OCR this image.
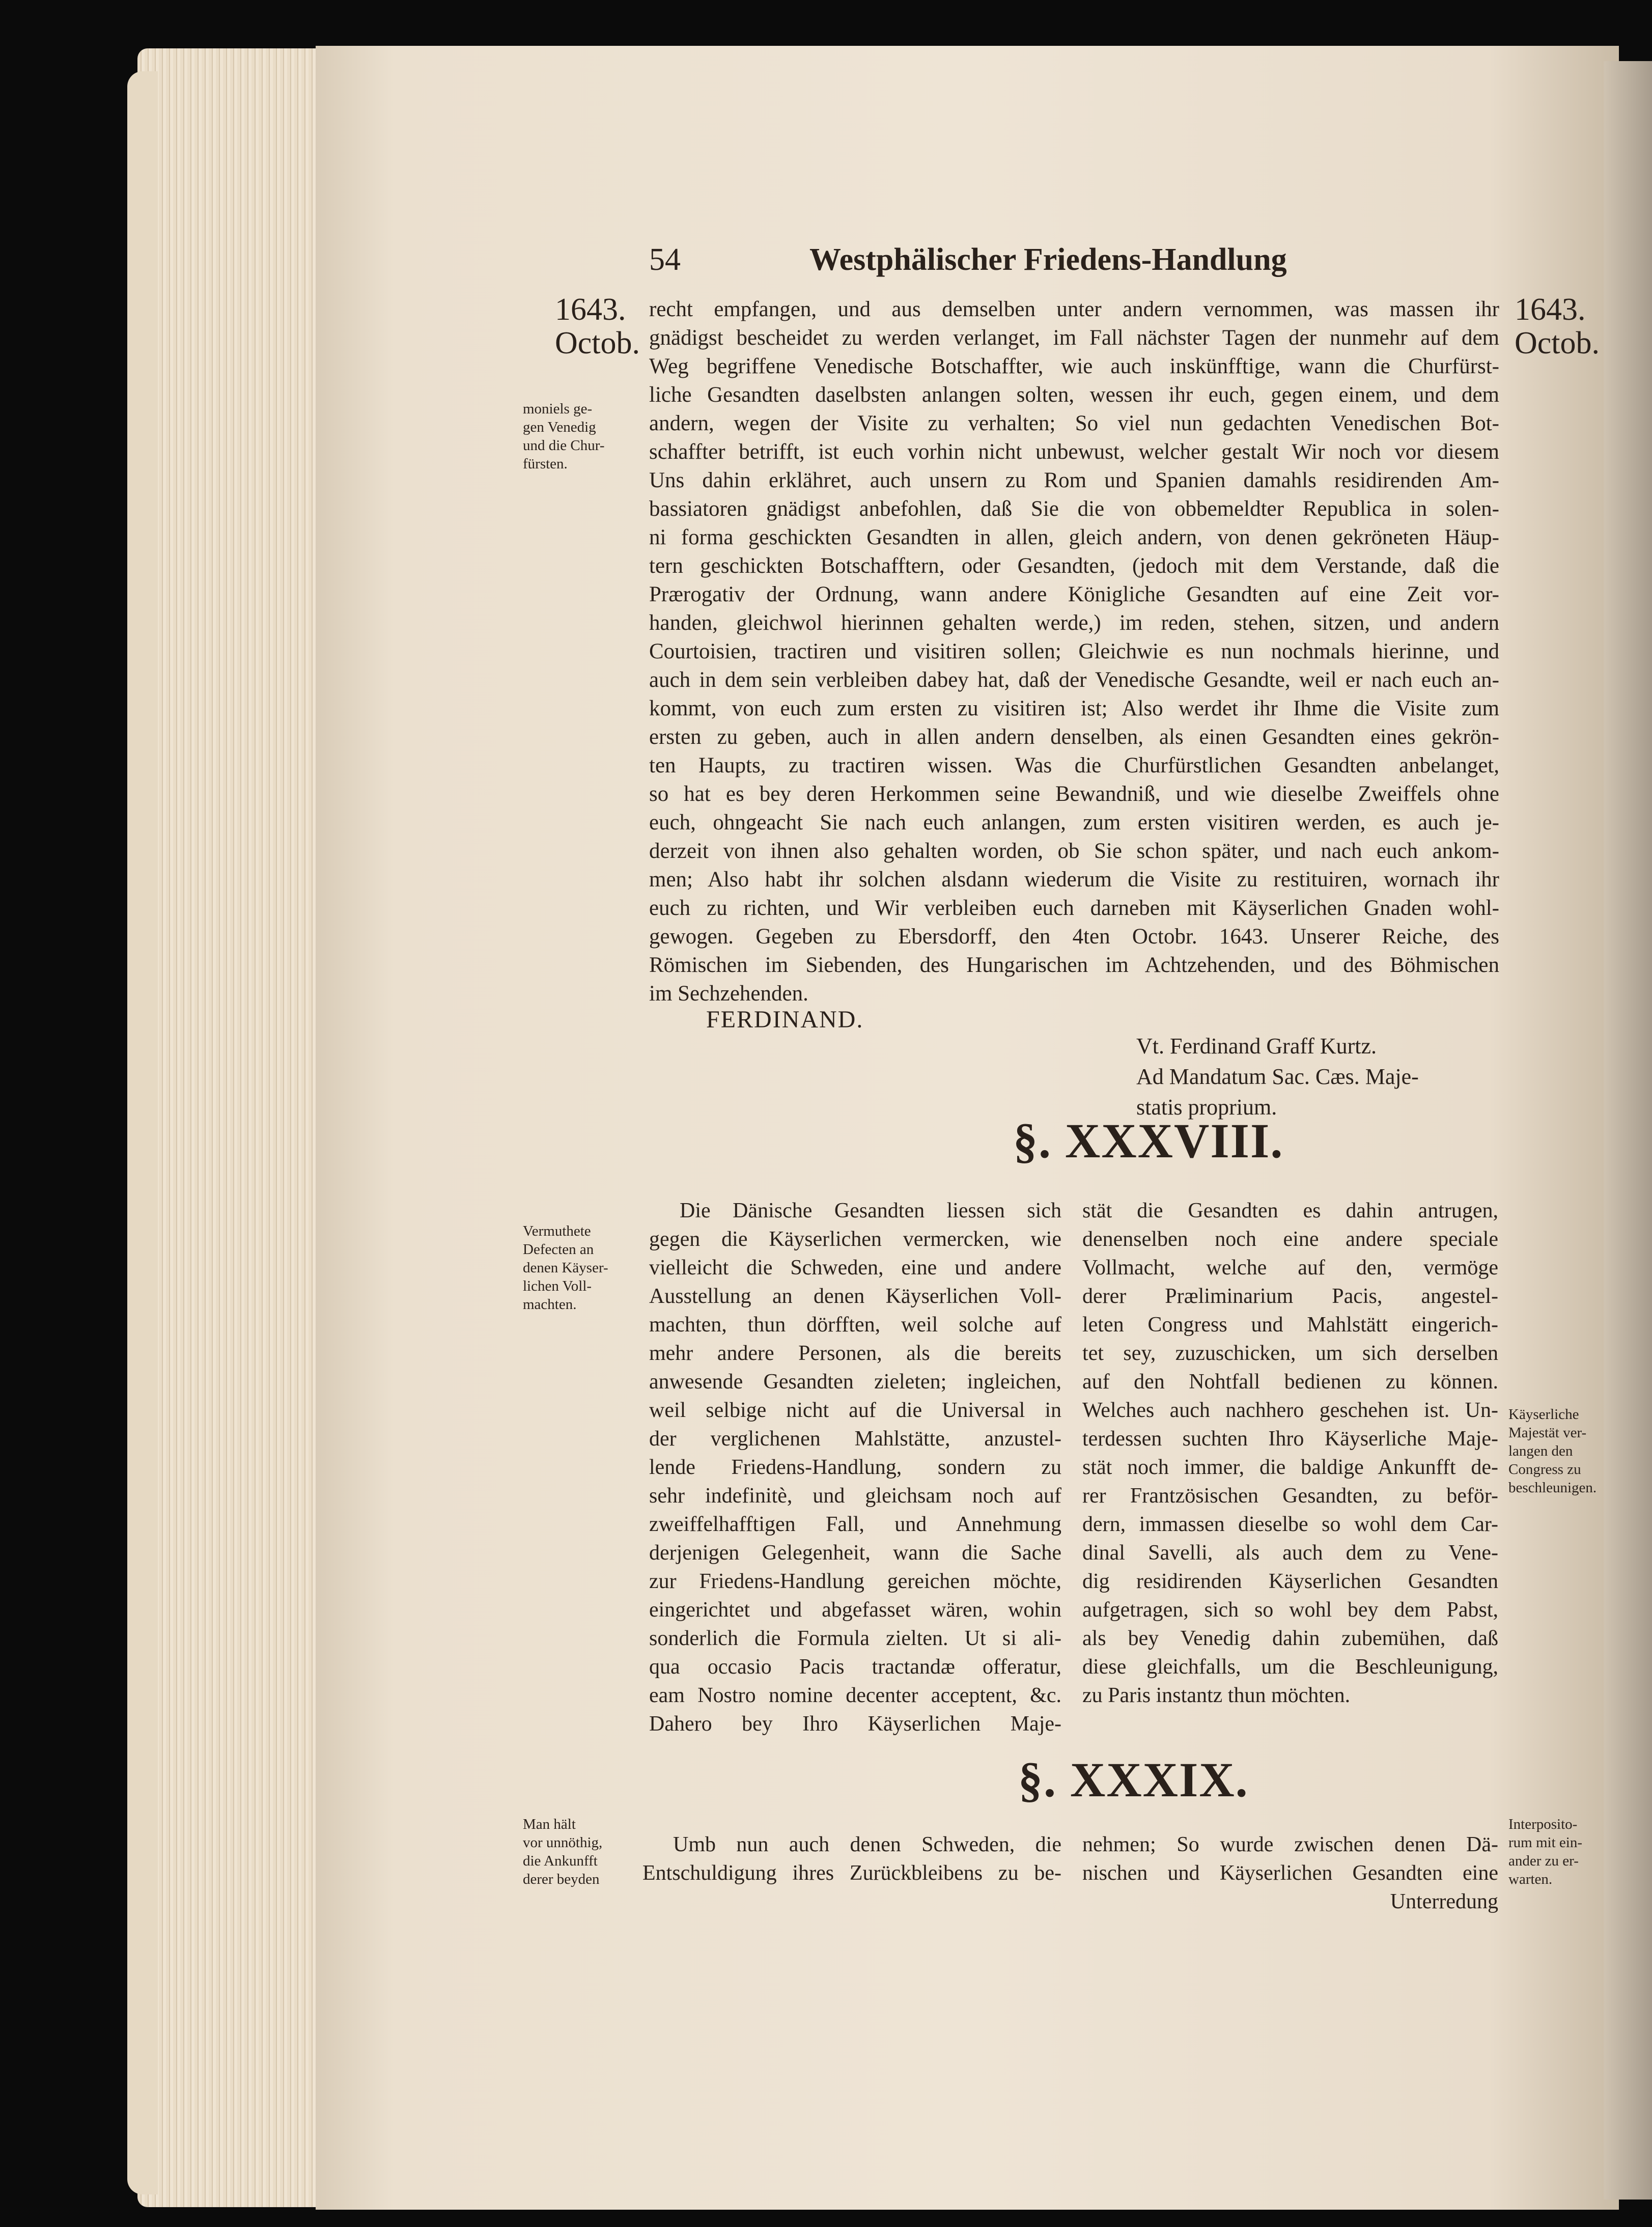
54	Westphälischer Friedens-Handlung
1643.
Octob.
1643.
Octob.
recht empfangen, und aus demselben unter andern vernommen, was massen ihr
gnädigst bescheidet zu werden verlanget, im Fall nächster Tagen der nunmehr auf dem
Weg begriffene Venedische Botschaffter, wie auch inskünfftige, wann die Churfürst-
liche Gesandten daselbsten anlangen solten, wessen ihr euch, gegen einem, und dem
andern, wegen der Visite zu verhalten; So viel nun gedachten Venedischen Bot-
schaffter betrifft, ist euch vorhin nicht unbewust, welcher gestalt Wir noch vor diesem
Uns dahin erklähret, auch unsern zu Rom und Spanien damahls residirenden Am-
bassiatoren gnädigst anbefohlen, daß Sie die von obbemeldter Republica in solen-
ni forma geschickten Gesandten in allen, gleich andern, von denen gekröneten Häup-
tern geschickten Botschafftern, oder Gesandten, (jedoch mit dem Verstande, daß die
Prærogativ der Ordnung, wann andere Königliche Gesandten auf eine Zeit vor-
handen, gleichwol hierinnen gehalten werde,) im reden, stehen, sitzen, und andern
Courtoisien, tractiren und visitiren sollen; Gleichwie es nun nochmals hierinne, und
auch in dem sein verbleiben dabey hat, daß der Venedische Gesandte, weil er nach euch an-
kommt, von euch zum ersten zu visitiren ist; Also werdet ihr Ihme die Visite zum
ersten zu geben, auch in allen andern denselben, als einen Gesandten eines gekrön-
ten Haupts, zu tractiren wissen. Was die Churfürstlichen Gesandten anbelanget,
so hat es bey deren Herkommen seine Bewandniß, und wie dieselbe Zweiffels ohne
euch, ohngeacht Sie nach euch anlangen, zum ersten visitiren werden, es auch je-
derzeit von ihnen also gehalten worden, ob Sie schon später, und nach euch ankom-
men; Also habt ihr solchen alsdann wiederum die Visite zu restituiren, wornach ihr
euch zu richten, und Wir verbleiben euch darneben mit Käyserlichen Gnaden wohl-
gewogen. Gegeben zu Ebersdorff, den 4ten Octobr. 1643. Unserer Reiche, des
Römischen im Siebenden, des Hungarischen im Achtzehenden, und des Böhmischen
im Sechzehenden.
FERDINAND.
Vt. Ferdinand Graff Kurtz.
Ad Mandatum Sac. Cæs. Maje-
statis proprium.
§. XXXVIII.
Die Dänische Gesandten liessen sich
gegen die Käyserlichen vermercken, wie
vielleicht die Schweden, eine und andere
Ausstellung an denen Käyserlichen Voll-
machten, thun dörfften, weil solche auf
mehr andere Personen, als die bereits
anwesende Gesandten zieleten; ingleichen,
weil selbige nicht auf die Universal in
der verglichenen Mahlstätte, anzustel-
lende Friedens-Handlung, sondern zu
sehr indefinitè, und gleichsam noch auf
zweiffelhafftigen Fall, und Annehmung
derjenigen Gelegenheit, wann die Sache
zur Friedens-Handlung gereichen möchte,
eingerichtet und abgefasset wären, wohin
sonderlich die Formula zielten. Ut si ali-
qua occasio Pacis tractandæ offeratur,
eam Nostro nomine decenter acceptent, &c.
Dahero bey Ihro Käyserlichen Maje-
stät die Gesandten es dahin antrugen,
denenselben noch eine andere speciale
Vollmacht, welche auf den, vermöge
derer Præliminarium Pacis, angestel-
leten Congress und Mahlstätt eingerich-
tet sey, zuzuschicken, um sich derselben
auf den Nohtfall bedienen zu können.
Welches auch nachhero geschehen ist. Un-
terdessen suchten Ihro Käyserliche Maje-
stät noch immer, die baldige Ankunfft de-
rer Frantzösischen Gesandten, zu beför-
dern, immassen dieselbe so wohl dem Car-
dinal Savelli, als auch dem zu Vene-
dig residirenden Käyserlichen Gesandten
aufgetragen, sich so wohl bey dem Pabst,
als bey Venedig dahin zubemühen, daß
diese gleichfalls, um die Beschleunigung,
zu Paris instantz thun möchten.
§. XXXIX.
Umb nun auch denen Schweden, die
Entschuldigung ihres Zurückbleibens zu be-
nehmen; So wurde zwischen denen Dä-
nischen und Käyserlichen Gesandten eine
Unterredung
moniels ge-
gen Venedig
und die Chur-
fürsten.
Vermuthete
Defecten an
denen Käyser-
lichen Voll-
machten.
Man hält
vor unnöthig,
die Ankunfft
derer beyden
Käyserliche
Majestät ver-
langen den
Congress zu
beschleunigen.
Interposito-
rum mit ein-
ander zu er-
warten.
